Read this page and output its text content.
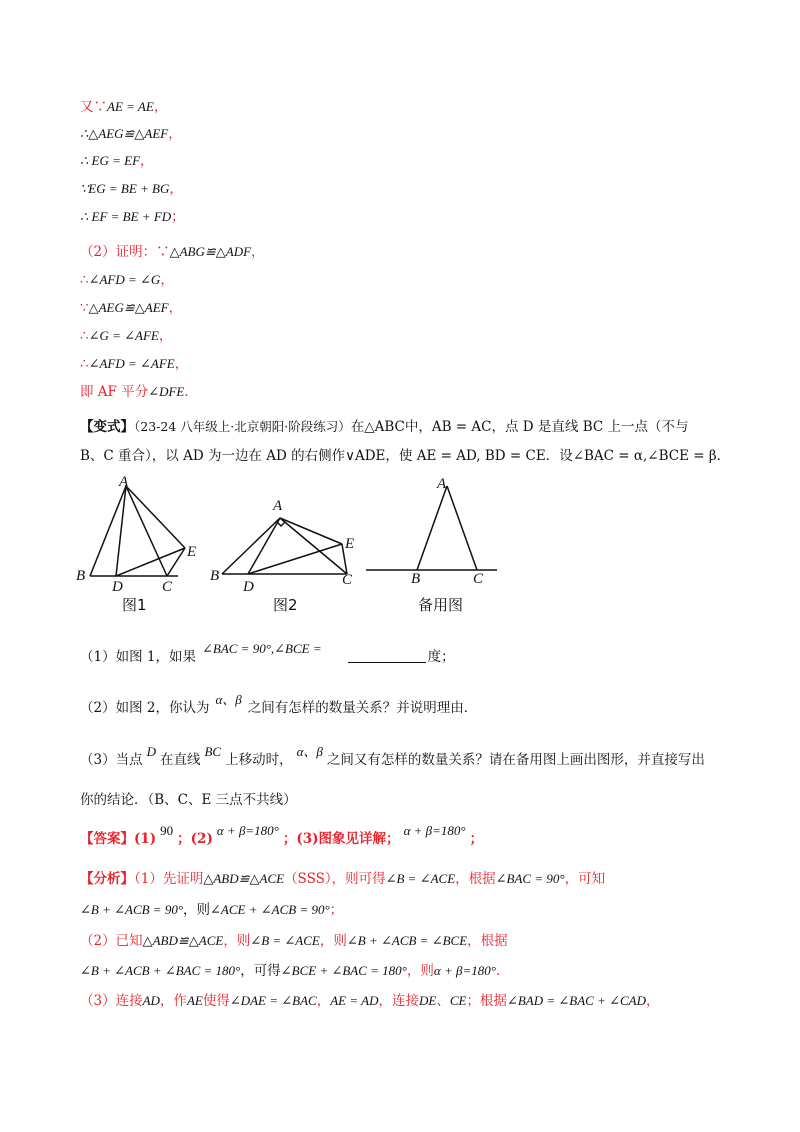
又∵AE = AE，
∴△AEG≌△AEF，
∴ EG = EF，
∵EG = BE + BG，
∴ EF = BE + FD；
（2）证明：∵△ABG≌△ADF，
∴∠AFD = ∠G，
∵△AEG≌△AEF，
∴∠G = ∠AFE，
∴∠AFD = ∠AFE，
即 AF 平分∠DFE．
【变式】（23-24 八年级上·北京朝阳·阶段练习）在△ABC中，AB = AC，点 D 是直线 BC 上一点（不与
B、C 重合），以 AD 为一边在 AD 的右侧作∨ADE，使 AE = AD, BD = CE．设∠BAC = α,∠BCE = β．
A
B
D	C
E
A
B
D	C
E
A
B	C
图1	图2	备用图
（1）如图 1，如果∠BAC = 90°,∠BCE =度；
（2）如图 2，你认为α、β之间有怎样的数量关系？并说明理由．
（3）当点D在直线BC上移动时，α、β之间又有怎样的数量关系？请在备用图上画出图形，并直接写出
你的结论．（B、C、E 三点不共线）
【答案】(1)90；(2)α + β=180°；(3)图象见详解；α + β=180°；
【分析】（1）先证明△ABD≌△ACE（SSS），则可得∠B = ∠ACE，根据∠BAC = 90°，可知
∠B + ∠ACB = 90°，则∠ACE + ∠ACB = 90°；
（2）已知△ABD≌△ACE，则∠B = ∠ACE，则∠B + ∠ACB = ∠BCE，根据
∠B + ∠ACB + ∠BAC = 180°，可得∠BCE + ∠BAC = 180°，则α + β=180°．
（3）连接AD，作AE使得∠DAE = ∠BAC，AE = AD，连接DE、CE；根据∠BAD = ∠BAC + ∠CAD，
